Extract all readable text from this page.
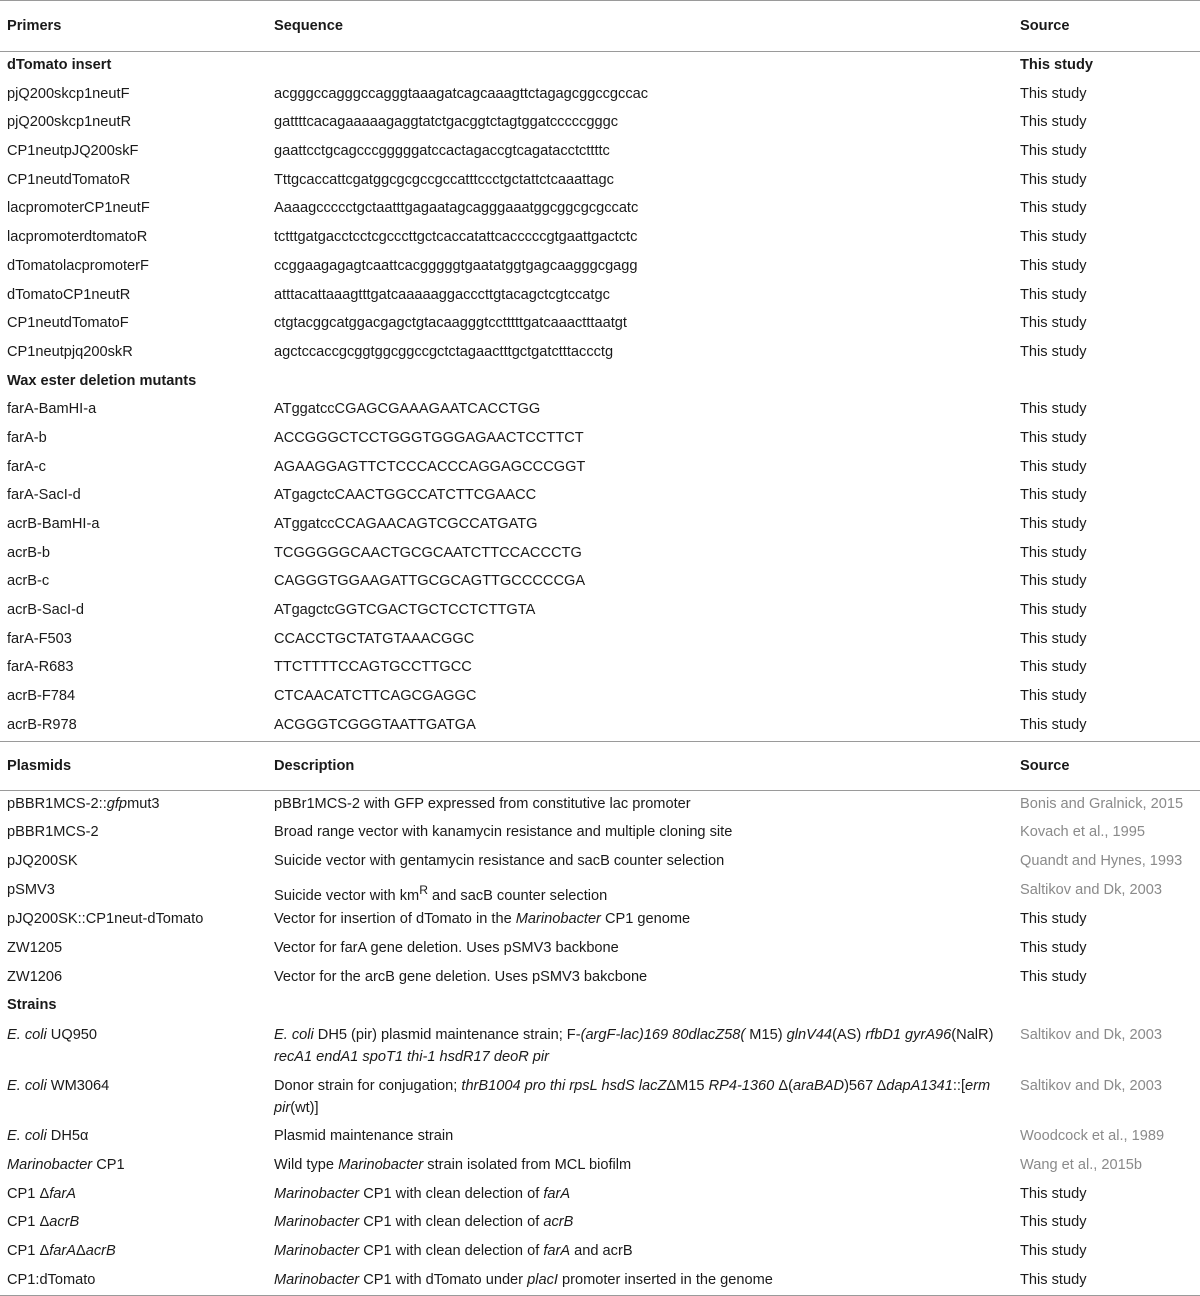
Primers	Sequence	Source
dTomato insert		This study
pjQ200skcp1neutF	acgggccagggccagggtaaagatcagcaaagttctagagcggccgccac	This study
pjQ200skcp1neutR	gattttcacagaaaaagaggtatctgacggtctagtggatcccccgggc	This study
CP1neutpJQ200skF	gaattcctgcagcccgggggatccactagaccgtcagatacctcttttc	This study
CP1neutdTomatoR	Tttgcaccattcgatggcgcgccgccatttccctgctattctcaaattagc	This study
lacpromoterCP1neutF	Aaaagccccctgctaatttgagaatagcagggaaatggcggcgcgccatc	This study
lacpromoterdtomatoR	tctttgatgacctcctcgcccttgctcaccatattcacccccgtgaattgactctc	This study
dTomatolacpromoterF	ccggaagagagtcaattcacgggggtgaatatggtgagcaagggcgagg	This study
dTomatoCP1neutR	atttacattaaagtttgatcaaaaaggacccttgtacagctcgtccatgc	This study
CP1neutdTomatoF	ctgtacggcatggacgagctgtacaagggtcctttttgatcaaactttaatgt	This study
CP1neutpjq200skR	agctccaccgcggtggcggccgctctagaactttgctgatctttaccctg	This study
Wax ester deletion mutants		
farA-BamHI-a	ATggatccCGAGCGAAAGAATCACCTGG	This study
farA-b	ACCGGGCTCCTGGGTGGGAGAACTCCTTCT	This study
farA-c	AGAAGGAGTTCTCCCACCCAGGAGCCCGGT	This study
farA-SacI-d	ATgagctcCAACTGGCCATCTTCGAACC	This study
acrB-BamHI-a	ATggatccCCAGAACAGTCGCCATGATG	This study
acrB-b	TCGGGGGCAACTGCGCAATCTTCCACCCTG	This study
acrB-c	CAGGGTGGAAGATTGCGCAGTTGCCCCCGA	This study
acrB-SacI-d	ATgagctcGGTCGACTGCTCCTCTTGTA	This study
farA-F503	CCACCTGCTATGTAAACGGC	This study
farA-R683	TTCTTTTCCAGTGCCTTGCC	This study
acrB-F784	CTCAACATCTTCAGCGAGGC	This study
acrB-R978	ACGGGTCGGGTAATTGATGA	This study
Plasmids	Description	Source
pBBR1MCS-2::gfpmut3	pBBr1MCS-2 with GFP expressed from constitutive lac promoter	Bonis and Gralnick, 2015
pBBR1MCS-2	Broad range vector with kanamycin resistance and multiple cloning site	Kovach et al., 1995
pJQ200SK	Suicide vector with gentamycin resistance and sacB counter selection	Quandt and Hynes, 1993
pSMV3	Suicide vector with $km^R$ and sacB counter selection	Saltikov and Dk, 2003
pJQ200SK::CP1neut-dTomato	Vector for insertion of dTomato in the Marinobacter CP1 genome	This study
ZW1205	Vector for farA gene deletion. Uses pSMV3 backbone	This study
ZW1206	Vector for the arcB gene deletion. Uses pSMV3 bakcbone	This study
Strains		
E. coli UQ950	E. coli DH5 (pir) plasmid maintenance strain; F-(argF-lac)169 80dlacZ58( M15) glnV44(AS) rfbD1 gyrA96(NalR) recA1 endA1 spoT1 thi-1 hsdR17 deoR pir	Saltikov and Dk, 2003
E. coli WM3064	Donor strain for conjugation; thrB1004 pro thi rpsL hsdS lacZΔM15 RP4-1360 Δ(araBAD)567 ΔdapA1341::[erm pir(wt)]	Saltikov and Dk, 2003
E. coli DH5α	Plasmid maintenance strain	Woodcock et al., 1989
Marinobacter CP1	Wild type Marinobacter strain isolated from MCL biofilm	Wang et al., 2015b
CP1 ΔfarA	Marinobacter CP1 with clean delection of farA	This study
CP1 ΔacrB	Marinobacter CP1 with clean delection of acrB	This study
CP1 ΔfarAΔacrB	Marinobacter CP1 with clean delection of farA and acrB	This study
CP1:dTomato	Marinobacter CP1 with dTomato under placI promoter inserted in the genome	This study
